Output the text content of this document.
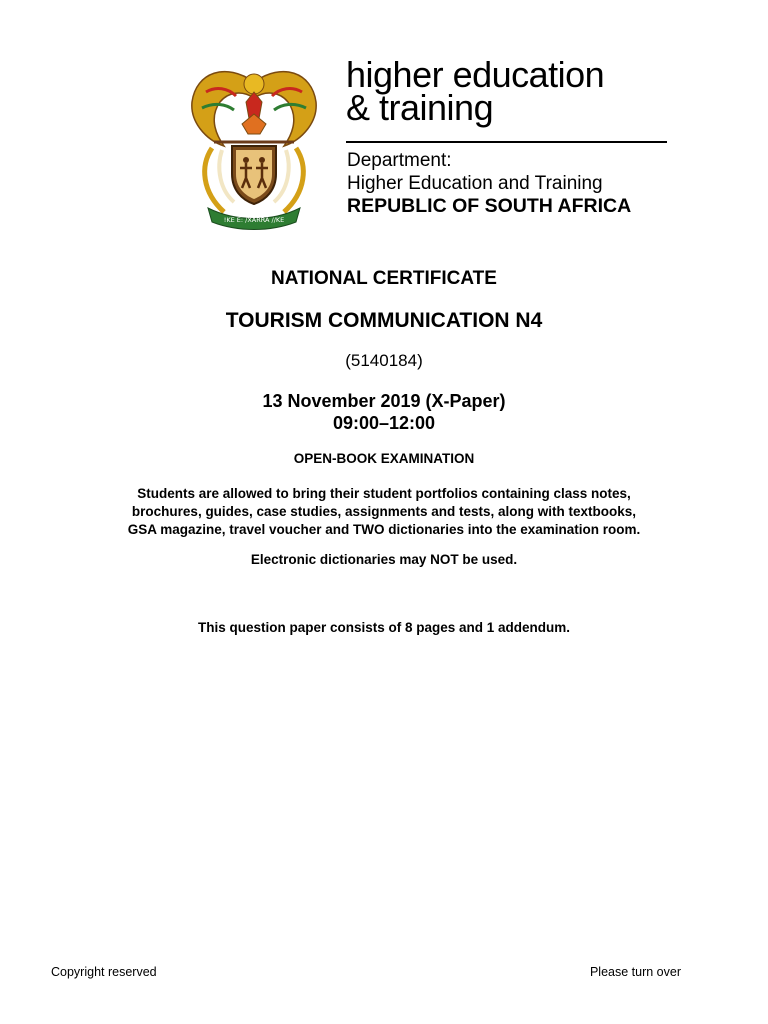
!KE E: /XARRA //KE
higher education
& training
Department:
Higher Education and Training
REPUBLIC OF SOUTH AFRICA
NATIONAL CERTIFICATE
TOURISM COMMUNICATION N4
(5140184)
13 November 2019 (X-Paper)
09:00–12:00
OPEN-BOOK EXAMINATION
Students are allowed to bring their student portfolios containing class notes,
brochures, guides, case studies, assignments and tests, along with textbooks,
GSA magazine, travel voucher and TWO dictionaries into the examination room.
Electronic dictionaries may NOT be used.
This question paper consists of 8 pages and 1 addendum.
Copyright reserved	Please turn over
